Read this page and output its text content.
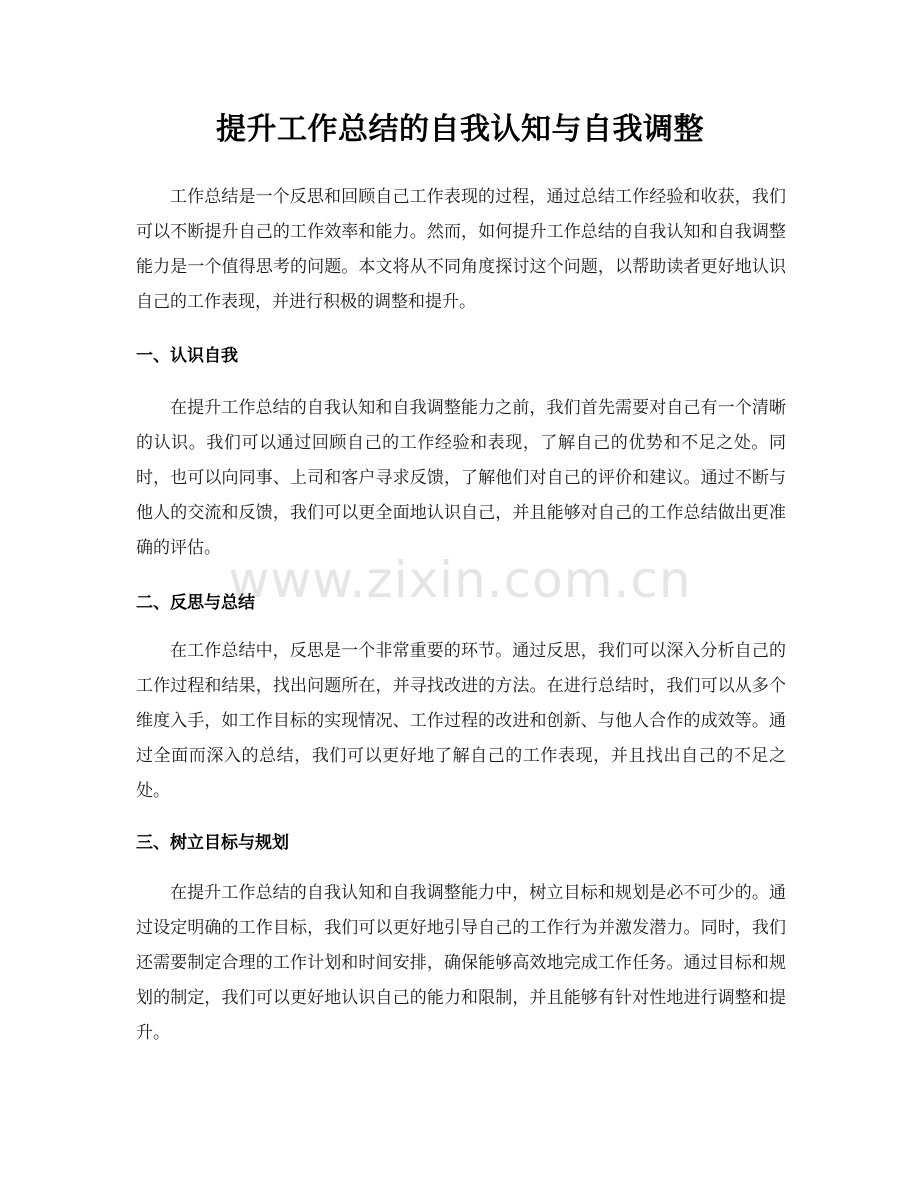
提升工作总结的自我认知与自我调整

工作总结是一个反思和回顾自己工作表现的过程，通过总结工作经验和收获，我们可以不断提升自己的工作效率和能力。然而，如何提升工作总结的自我认知和自我调整能力是一个值得思考的问题。本文将从不同角度探讨这个问题，以帮助读者更好地认识自己的工作表现，并进行积极的调整和提升。

一、认识自我

在提升工作总结的自我认知和自我调整能力之前，我们首先需要对自己有一个清晰的认识。我们可以通过回顾自己的工作经验和表现，了解自己的优势和不足之处。同时，也可以向同事、上司和客户寻求反馈，了解他们对自己的评价和建议。通过不断与他人的交流和反馈，我们可以更全面地认识自己，并且能够对自己的工作总结做出更准确的评估。

二、反思与总结

在工作总结中，反思是一个非常重要的环节。通过反思，我们可以深入分析自己的工作过程和结果，找出问题所在，并寻找改进的方法。在进行总结时，我们可以从多个维度入手，如工作目标的实现情况、工作过程的改进和创新、与他人合作的成效等。通过全面而深入的总结，我们可以更好地了解自己的工作表现，并且找出自己的不足之处。

三、树立目标与规划

在提升工作总结的自我认知和自我调整能力中，树立目标和规划是必不可少的。通过设定明确的工作目标，我们可以更好地引导自己的工作行为并激发潜力。同时，我们还需要制定合理的工作计划和时间安排，确保能够高效地完成工作任务。通过目标和规划的制定，我们可以更好地认识自己的能力和限制，并且能够有针对性地进行调整和提升。

www.zixin.com.cn
